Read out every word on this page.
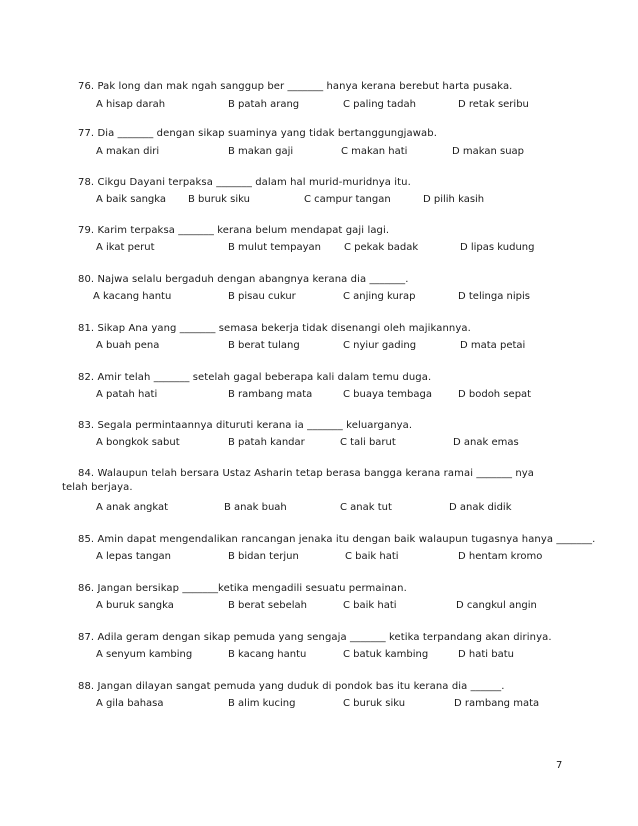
76. Pak long dan mak ngah sanggup ber _______ hanya kerana berebut harta pusaka.
A hisap darah	B patah arang	C paling tadah	D retak seribu
77. Dia _______ dengan sikap suaminya yang tidak bertanggungjawab.
A makan diri	B makan gaji	C makan hati	D makan suap
78. Cikgu Dayani terpaksa _______ dalam hal murid-muridnya itu.
A baik sangka B buruk siku	C campur tangan	D pilih kasih
79. Karim terpaksa _______ kerana belum mendapat gaji lagi.
A ikat perut	B mulut tempayan C pekak badak	D lipas kudung
80. Najwa selalu bergaduh dengan abangnya kerana dia _______.
A kacang hantu	B pisau cukur	C anjing kurap	D telinga nipis
81. Sikap Ana yang _______ semasa bekerja tidak disenangi oleh majikannya.
A buah pena	B berat tulang	C nyiur gading	D mata petai
82. Amir telah _______ setelah gagal beberapa kali dalam temu duga.
A patah hati	B rambang mata	C buaya tembaga	D bodoh sepat
83. Segala permintaannya dituruti kerana ia _______ keluarganya.
A bongkok sabut	B patah kandar	C tali barut	D anak emas
84. Walaupun telah bersara Ustaz Asharin tetap berasa bangga kerana ramai _______ nya telah berjaya.
A anak angkat	B anak buah	C anak tut	D anak didik
85. Amin dapat mengendalikan rancangan jenaka itu dengan baik walaupun tugasnya hanya _______.
A lepas tangan	B bidan terjun	C baik hati	D hentam kromo
86. Jangan bersikap _______ketika mengadili sesuatu permainan.
A buruk sangka	B berat sebelah	C baik hati	D cangkul angin
87. Adila geram dengan sikap pemuda yang sengaja _______ ketika terpandang akan dirinya.
A senyum kambing	B kacang hantu	C batuk kambing	D hati batu
88. Jangan dilayan sangat pemuda yang duduk di pondok bas itu kerana dia ______.
A gila bahasa	B alim kucing	C buruk siku	D rambang mata
7
